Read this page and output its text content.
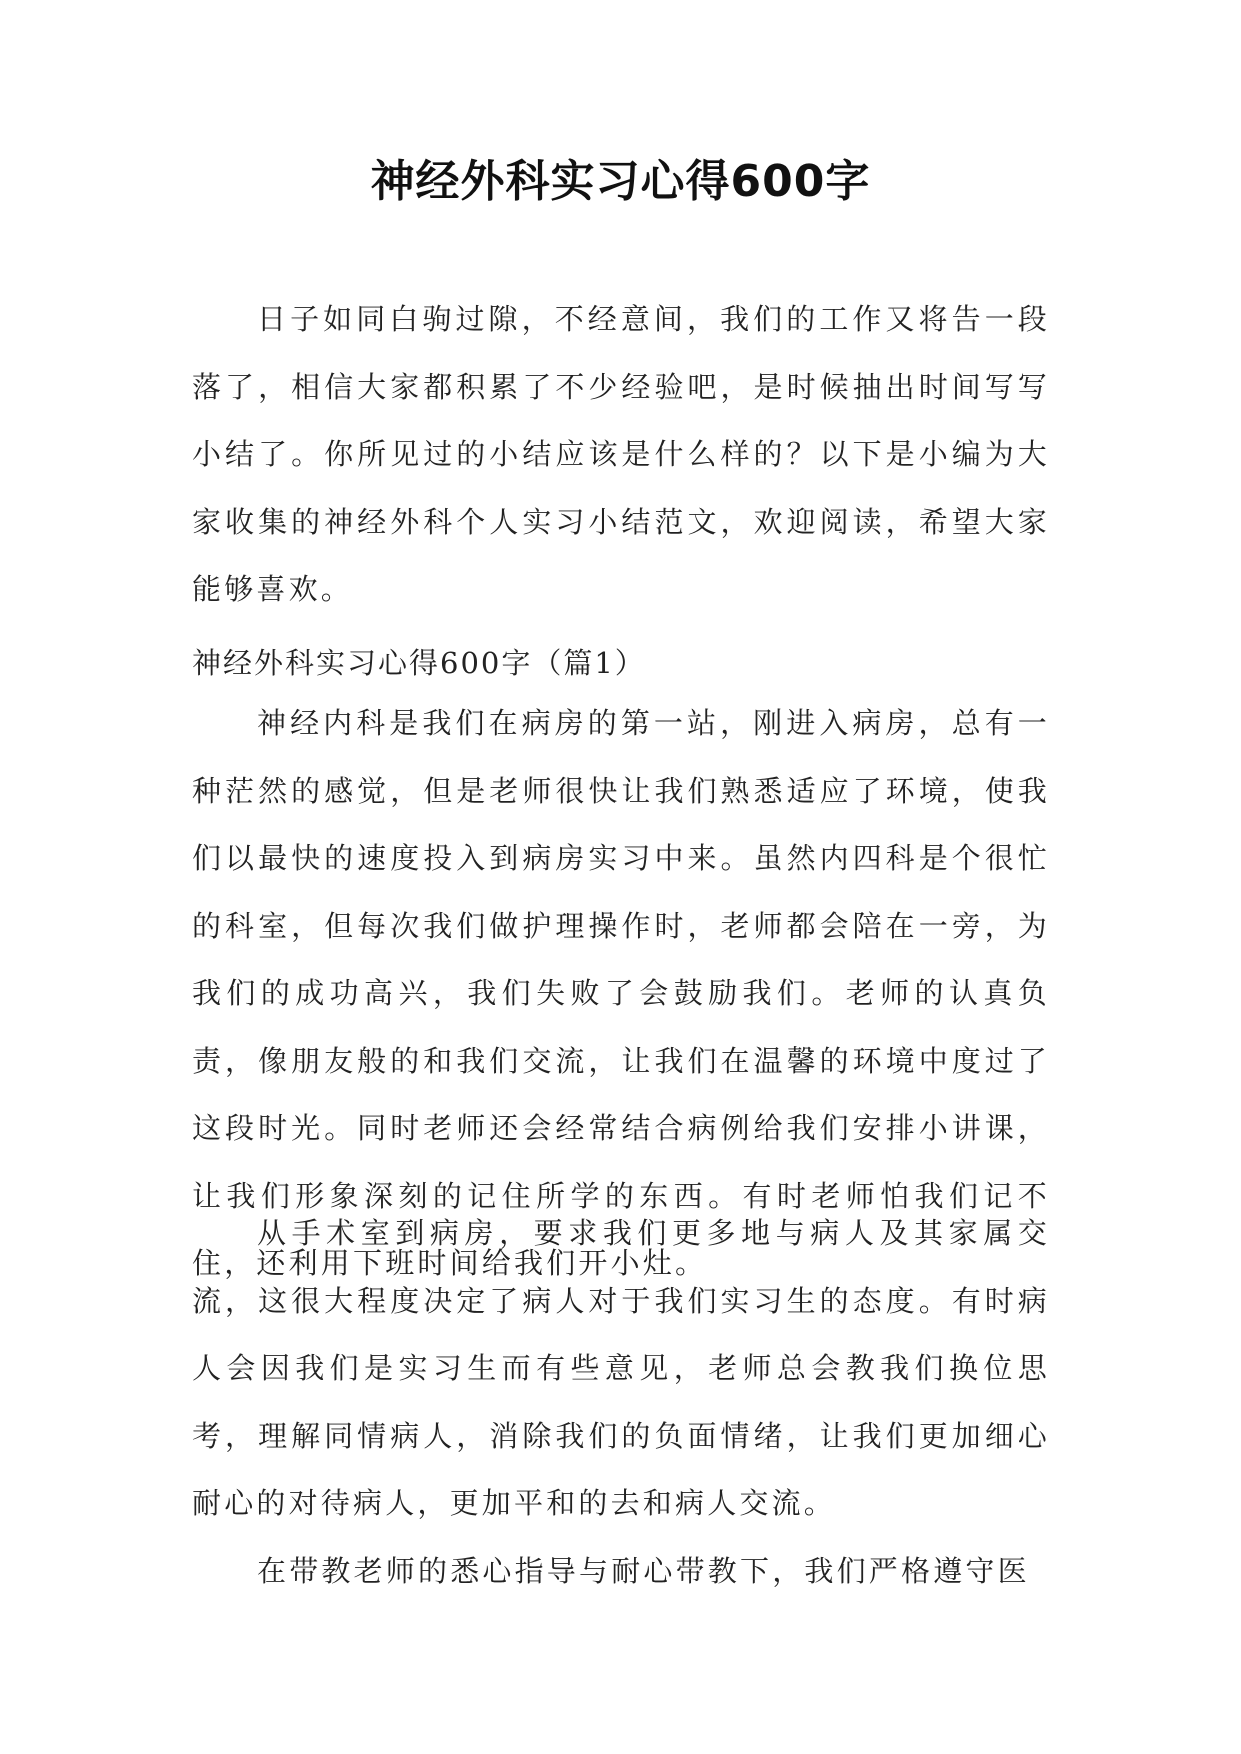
神经外科实习心得600字

日子如同白驹过隙，不经意间，我们的工作又将告一段落了，相信大家都积累了不少经验吧，是时候抽出时间写写小结了。你所见过的小结应该是什么样的？以下是小编为大家收集的神经外科个人实习小结范文，欢迎阅读，希望大家能够喜欢。

神经外科实习心得600字（篇1）

神经内科是我们在病房的第一站，刚进入病房，总有一种茫然的感觉，但是老师很快让我们熟悉适应了环境，使我们以最快的速度投入到病房实习中来。虽然内四科是个很忙的科室，但每次我们做护理操作时，老师都会陪在一旁，为我们的成功高兴，我们失败了会鼓励我们。老师的认真负责，像朋友般的和我们交流，让我们在温馨的环境中度过了这段时光。同时老师还会经常结合病例给我们安排小讲课，让我们形象深刻的记住所学的东西。有时老师怕我们记不住，还利用下班时间给我们开小灶。

从手术室到病房，要求我们更多地与病人及其家属交流，这很大程度决定了病人对于我们实习生的态度。有时病人会因我们是实习生而有些意见，老师总会教我们换位思考，理解同情病人，消除我们的负面情绪，让我们更加细心耐心的对待病人，更加平和的去和病人交流。

在带教老师的悉心指导与耐心带教下，我们严格遵守医
